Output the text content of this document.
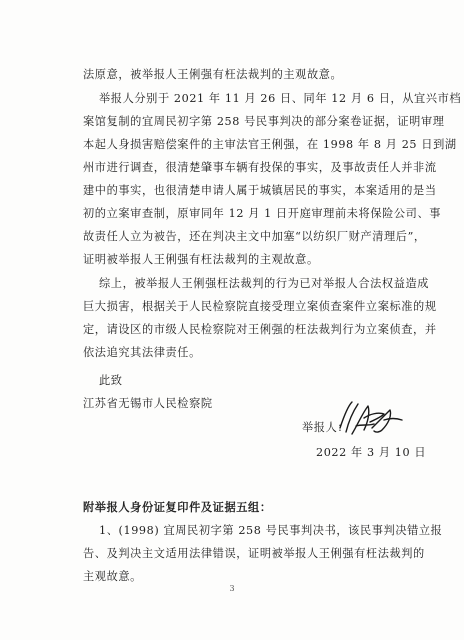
法原意，被举报人王俐强有枉法裁判的主观故意。
举报人分别于 2021 年 11 月 26 日、同年 12 月 6 日，从宜兴市档
案馆复制的宜周民初字第 258 号民事判决的部分案卷证据，证明审理
本起人身损害赔偿案件的主审法官王俐强，在 1998 年 8 月 25 日到湖
州市进行调查，很清楚肇事车辆有投保的事实，及事故责任人并非流
建中的事实，也很清楚申请人属于城镇居民的事实，本案适用的是当
初的立案审查制，原审同年 12 月 1 日开庭审理前未将保险公司、事
故责任人立为被告，还在判决主文中加塞“以纺织厂财产清理后”，
证明被举报人王俐强有枉法裁判的主观故意。
综上，被举报人王俐强枉法裁判的行为已对举报人合法权益造成
巨大损害，根据关于人民检察院直接受理立案侦查案件立案标准的规
定，请设区的市级人民检察院对王俐强的枉法裁判行为立案侦查，并
依法追究其法律责任。
此致
江苏省无锡市人民检察院
举报人：
2022 年 3 月 10 日
附举报人身份证复印件及证据五组：
1、(1998) 宜周民初字第 258 号民事判决书，该民事判决错立报
告、及判决主文适用法律错误，证明被举报人王俐强有枉法裁判的
主观故意。
3
